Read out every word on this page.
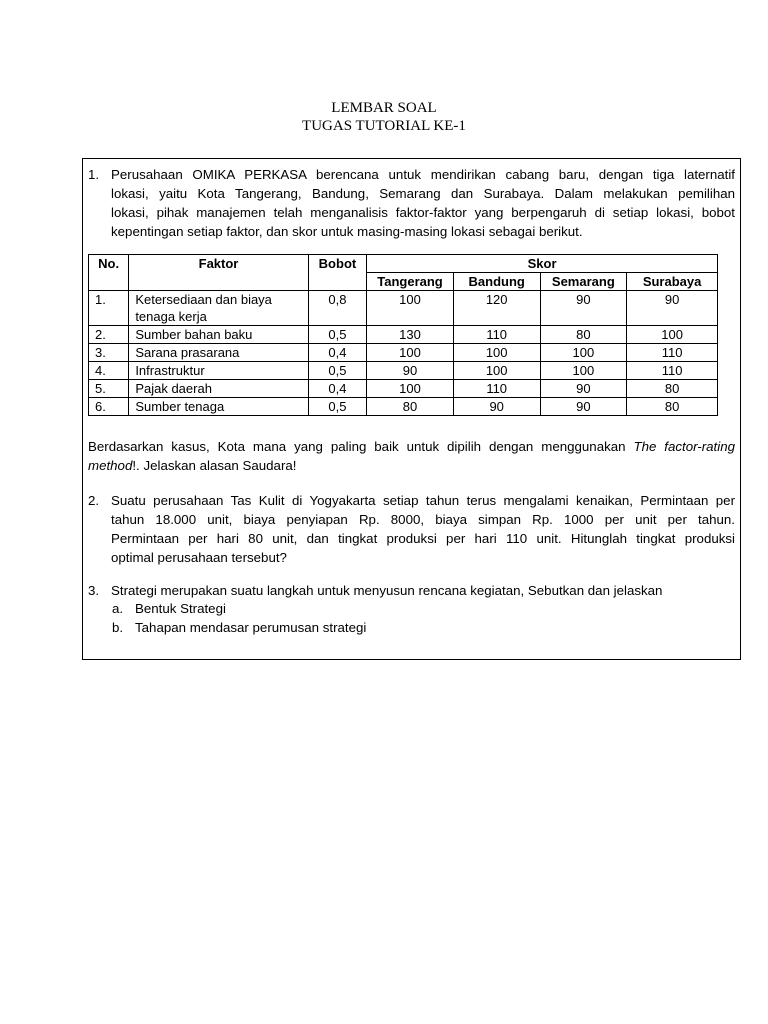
LEMBAR SOAL
TUGAS TUTORIAL KE-1
1. Perusahaan OMIKA PERKASA berencana untuk mendirikan cabang baru, dengan tiga laternatif
lokasi, yaitu Kota Tangerang, Bandung, Semarang dan Surabaya. Dalam melakukan pemilihan
lokasi, pihak manajemen telah menganalisis faktor-faktor yang berpengaruh di setiap lokasi, bobot
kepentingan setiap faktor, dan skor untuk masing-masing lokasi sebagai berikut.
No.	Faktor	Bobot	Skor			
			Tangerang	Bandung	Semarang	Surabaya
1.	Ketersediaan dan biaya tenaga kerja	0,8	100	120	90	90
2.	Sumber bahan baku	0,5	130	110	80	100
3.	Sarana prasarana	0,4	100	100	100	110
4.	Infrastruktur	0,5	90	100	100	110
5.	Pajak daerah	0,4	100	110	90	80
6.	Sumber tenaga	0,5	80	90	90	80
Berdasarkan kasus, Kota mana yang paling baik untuk dipilih dengan menggunakan The factor-rating
method!. Jelaskan alasan Saudara!
2. Suatu perusahaan Tas Kulit di Yogyakarta setiap tahun terus mengalami kenaikan, Permintaan per
tahun 18.000 unit, biaya penyiapan Rp. 8000, biaya simpan Rp. 1000 per unit per tahun.
Permintaan per hari 80 unit, dan tingkat produksi per hari 110 unit. Hitunglah tingkat produksi
optimal perusahaan tersebut?
3. Strategi merupakan suatu langkah untuk menyusun rencana kegiatan, Sebutkan dan jelaskan
a. Bentuk Strategi
b. Tahapan mendasar perumusan strategi
